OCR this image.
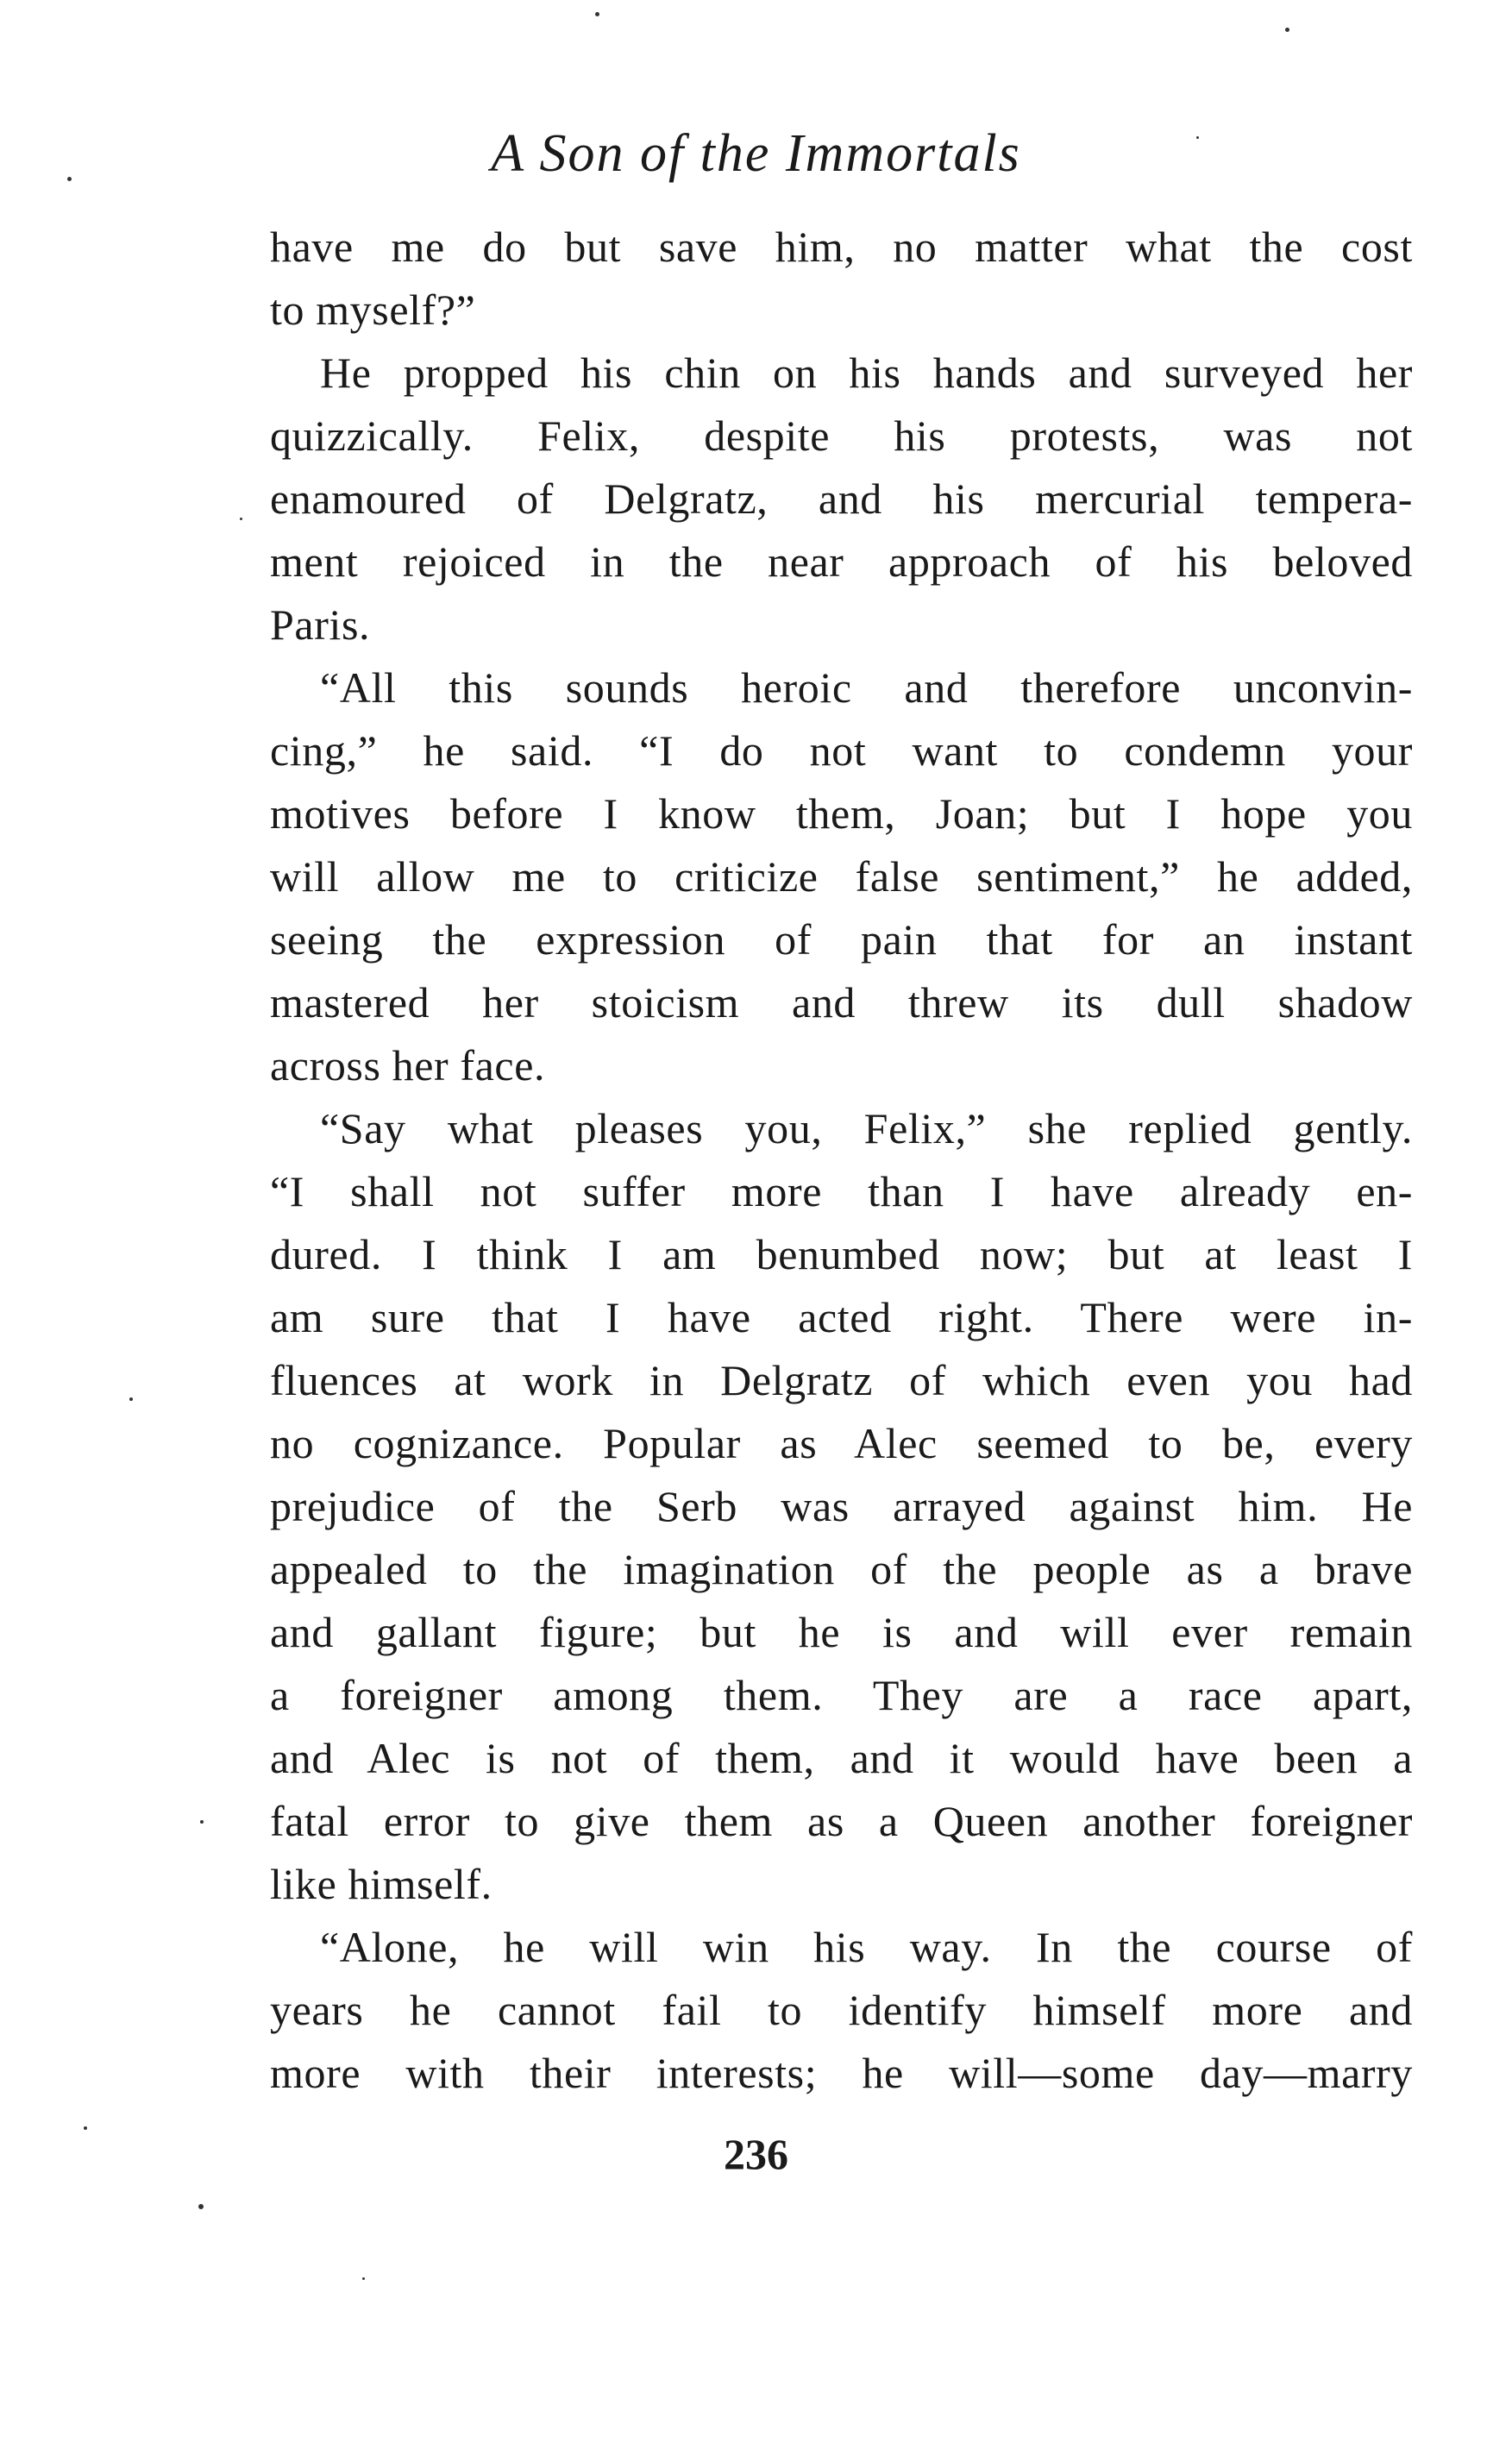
A Son of the Immortals
have me do but save him, no matter what the cost
to myself?”
He propped his chin on his hands and surveyed her
quizzically. Felix, despite his protests, was not
enamoured of Delgratz, and his mercurial tempera-
ment rejoiced in the near approach of his beloved
Paris.
“All this sounds heroic and therefore unconvin-
cing,” he said. “I do not want to condemn your
motives before I know them, Joan; but I hope you
will allow me to criticize false sentiment,” he added,
seeing the expression of pain that for an instant
mastered her stoicism and threw its dull shadow
across her face.
“Say what pleases you, Felix,” she replied gently.
“I shall not suffer more than I have already en-
dured. I think I am benumbed now; but at least I
am sure that I have acted right. There were in-
fluences at work in Delgratz of which even you had
no cognizance. Popular as Alec seemed to be, every
prejudice of the Serb was arrayed against him. He
appealed to the imagination of the people as a brave
and gallant figure; but he is and will ever remain
a foreigner among them. They are a race apart,
and Alec is not of them, and it would have been a
fatal error to give them as a Queen another foreigner
like himself.
“Alone, he will win his way. In the course of
years he cannot fail to identify himself more and
more with their interests; he will—some day—marry
236
